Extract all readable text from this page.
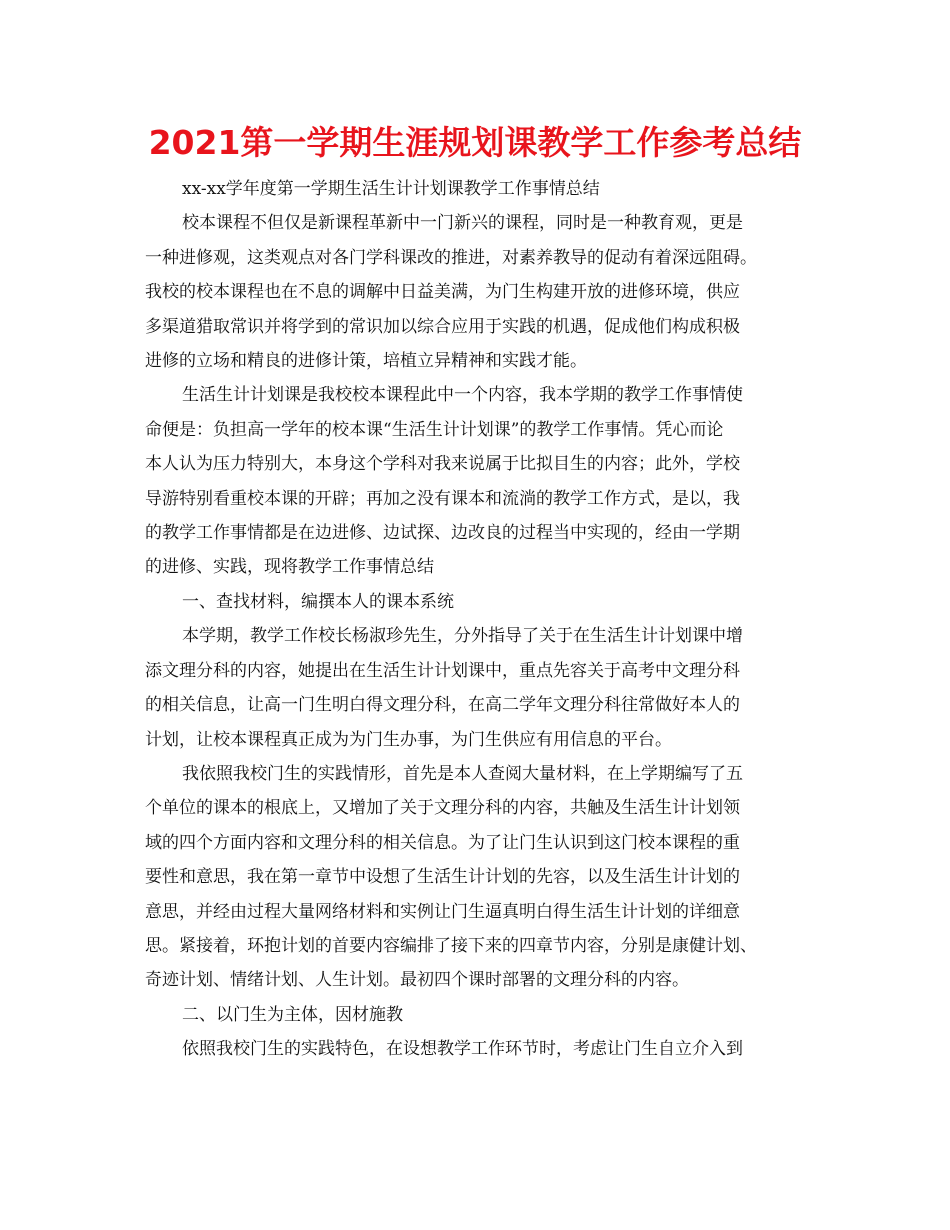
2021第一学期生涯规划课教学工作参考总结

xx-xx学年度第一学期生活生计计划课教学工作事情总结

校本课程不但仅是新课程革新中一门新兴的课程，同时是一种教育观，更是
一种进修观，这类观点对各门学科课改的推进，对素养教导的促动有着深远阻碍。
我校的校本课程也在不息的调解中日益美满，为门生构建开放的进修环境，供应
多渠道猎取常识并将学到的常识加以综合应用于实践的机遇，促成他们构成积极
进修的立场和精良的进修计策，培植立异精神和实践才能。

生活生计计划课是我校校本课程此中一个内容，我本学期的教学工作事情使
命便是：负担高一学年的校本课“生活生计计划课”的教学工作事情。凭心而论
本人认为压力特别大，本身这个学科对我来说属于比拟目生的内容；此外，学校
导游特别看重校本课的开辟；再加之没有课本和流淌的教学工作方式，是以，我
的教学工作事情都是在边进修、边试探、边改良的过程当中实现的，经由一学期
的进修、实践，现将教学工作事情总结

一、查找材料，编撰本人的课本系统

本学期，教学工作校长杨淑珍先生，分外指导了关于在生活生计计划课中增
添文理分科的内容，她提出在生活生计计划课中，重点先容关于高考中文理分科
的相关信息，让高一门生明白得文理分科，在高二学年文理分科往常做好本人的
计划，让校本课程真正成为为门生办事，为门生供应有用信息的平台。

我依照我校门生的实践情形，首先是本人查阅大量材料，在上学期编写了五
个单位的课本的根底上，又增加了关于文理分科的内容，共触及生活生计计划领
域的四个方面内容和文理分科的相关信息。为了让门生认识到这门校本课程的重
要性和意思，我在第一章节中设想了生活生计计划的先容，以及生活生计计划的
意思，并经由过程大量网络材料和实例让门生逼真明白得生活生计计划的详细意
思。紧接着，环抱计划的首要内容编排了接下来的四章节内容，分别是康健计划、
奇迹计划、情绪计划、人生计划。最初四个课时部署的文理分科的内容。

二、以门生为主体，因材施教

依照我校门生的实践特色，在设想教学工作环节时，考虑让门生自立介入到
